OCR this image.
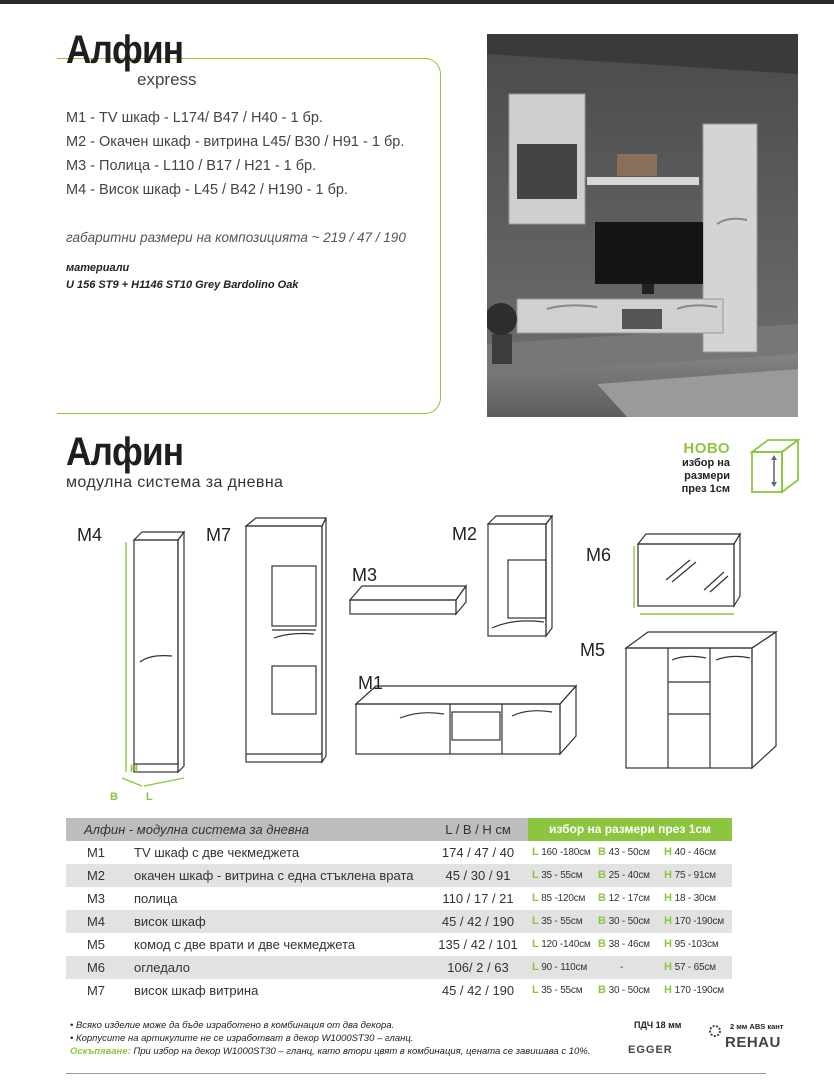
Алфин
express
М1 - TV шкаф - L174/ B47 / H40 - 1 бр.
М2 - Окачен шкаф - витрина L45/ B30 / H91 - 1 бр.
М3 - Полица - L110 / B17 / H21 - 1 бр.
М4 - Висок шкаф - L45 / B42 / H190 - 1 бр.
габаритни размери на композицията ~ 219 / 47 / 190
материали
U 156 ST9 + H1146 ST10 Grey Bardolino Oak
Алфин
модулна система за дневна
НОВО
избор на
размери
през 1см
H
B	L
M4	M7
M3
M2
M6
M1
M5
Алфин - модулна система за дневна	L / B / H cм	избор на размери през 1см
М1	TV шкаф с две чекмеджета	174 / 47 / 40	L 160 -180см B 43 - 50см H 40 - 46см
М2	окачен шкаф - витрина с една стъклена врата	45 / 30 / 91	L 35 - 55см B 25 - 40см H 75 - 91см
М3	полица	110 / 17 / 21	L 85 -120см B 12 - 17см H 18 - 30см
М4	висок шкаф	45 / 42 / 190	L 35 - 55см B 30 - 50см H 170 -190см
М5	комод с две врати и две чекмеджета	135 / 42 / 101	L 120 -140см B 38 - 46см H 95 -103см
М6	огледало	106/ 2 / 63	L 90 - 110см	-	H 57 - 65см
М7	висок шкаф витрина	45 / 42 / 190	L 35 - 55см B 30 - 50см H 170 -190см
• Всяко изделие може да бъде изработено в комбинация от два декора.
• Корпусите на артикулите не се изработват в декор W1000ST30 – гланц.
Оскъпяване: При избор на декор W1000ST30 – гланц, като втори цвят в комбинация, цената се завишава с 10%.
ПДЧ 18 мм
EGGER
2 мм ABS кант
REHAU
